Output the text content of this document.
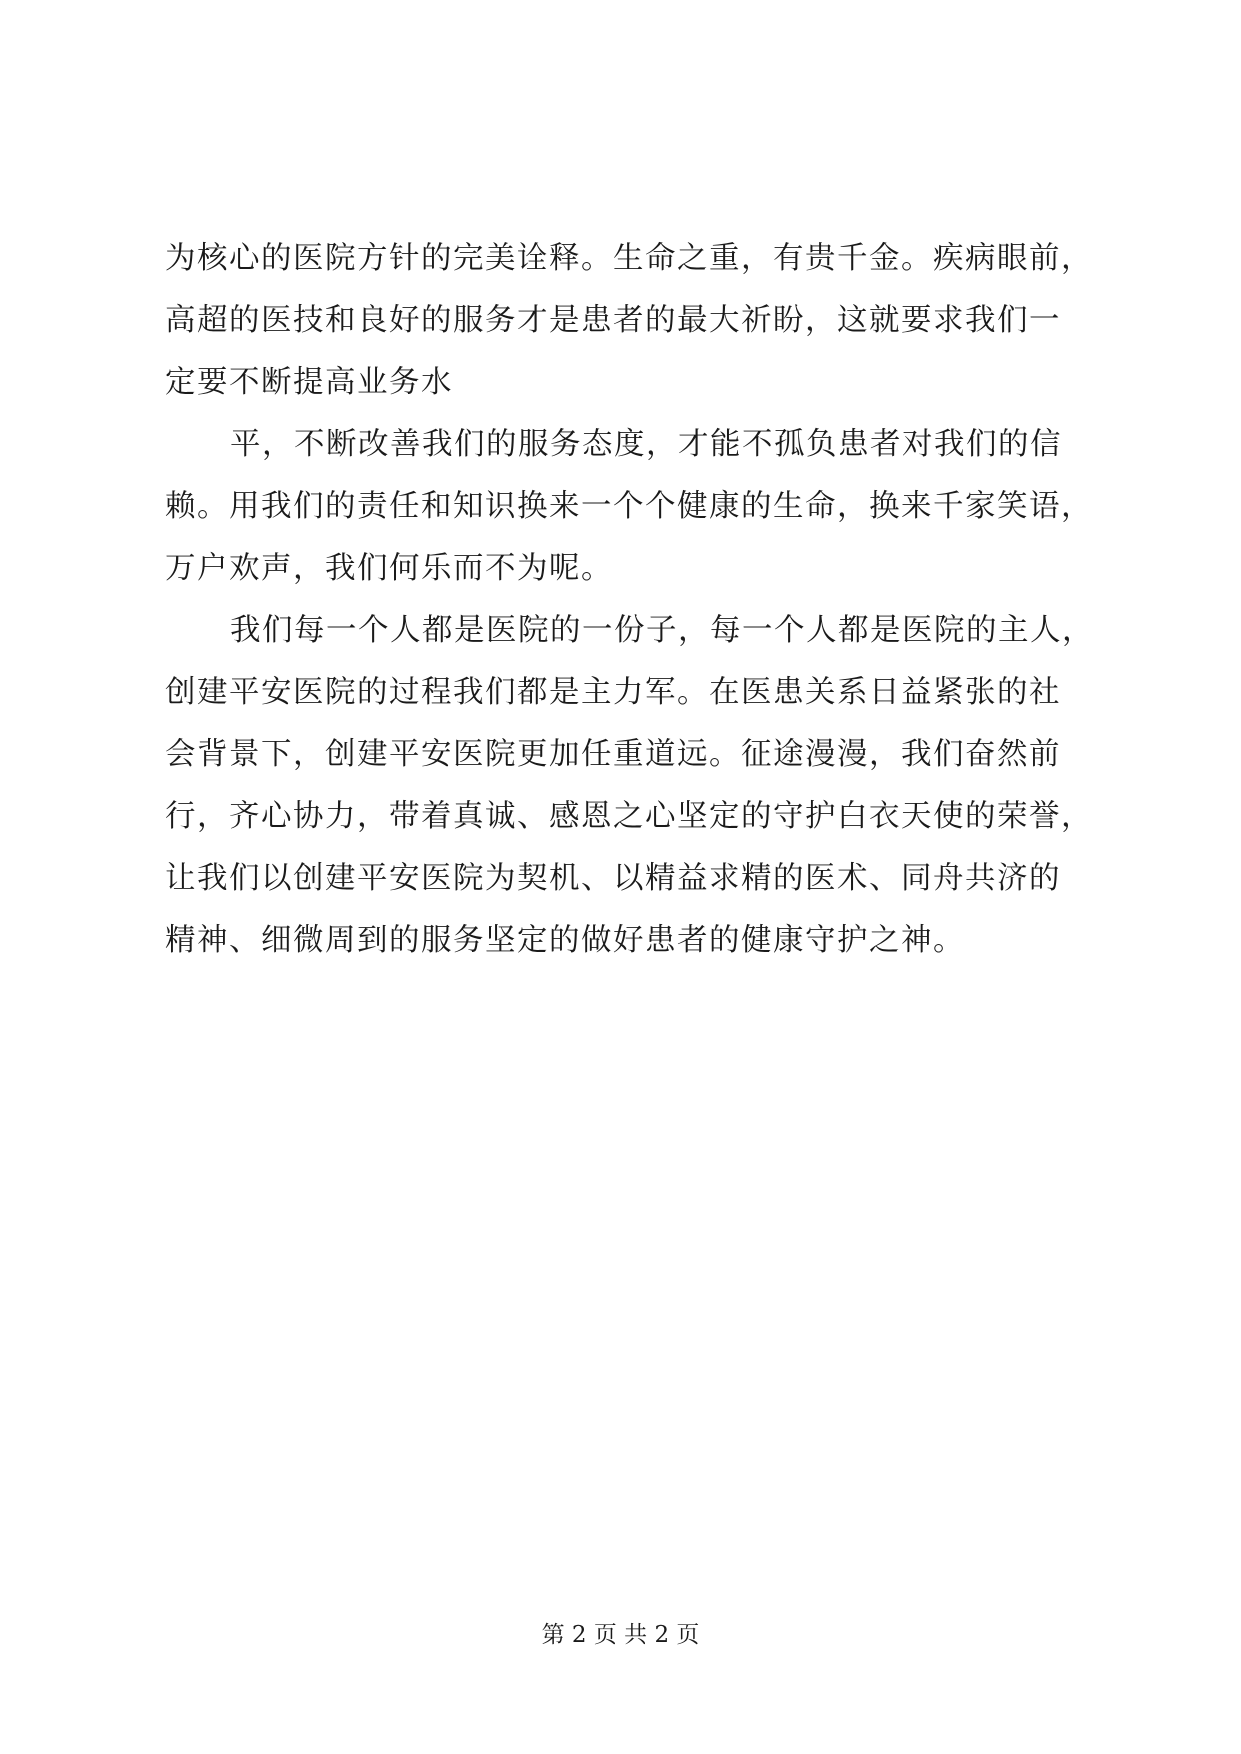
为核心的医院方针的完美诠释。生命之重，有贵千金。疾病眼前，
高超的医技和良好的服务才是患者的最大祈盼，这就要求我们一
定要不断提高业务水
平，不断改善我们的服务态度，才能不孤负患者对我们的信
赖。用我们的责任和知识换来一个个健康的生命，换来千家笑语，
万户欢声，我们何乐而不为呢。
我们每一个人都是医院的一份子，每一个人都是医院的主人，
创建平安医院的过程我们都是主力军。在医患关系日益紧张的社
会背景下，创建平安医院更加任重道远。征途漫漫，我们奋然前
行，齐心协力，带着真诚、感恩之心坚定的守护白衣天使的荣誉，
让我们以创建平安医院为契机、以精益求精的医术、同舟共济的
精神、细微周到的服务坚定的做好患者的健康守护之神。
第 2 页 共 2 页
